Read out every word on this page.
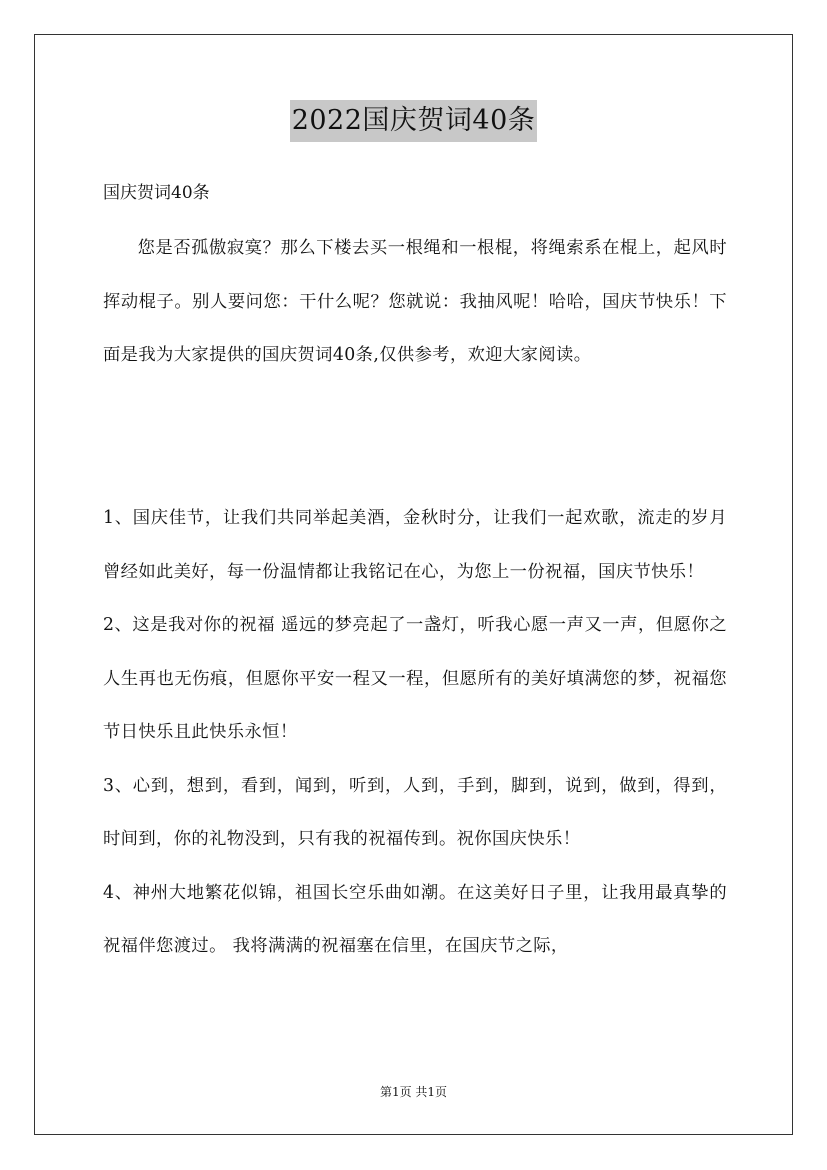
2022国庆贺词40条
国庆贺词40条
您是否孤傲寂寞？那么下楼去买一根绳和一根棍，将绳索系在棍上，起风时挥动棍子。别人要问您：干什么呢？您就说：我抽风呢！哈哈，国庆节快乐！下面是我为大家提供的国庆贺词40条,仅供参考，欢迎大家阅读。

1、国庆佳节，让我们共同举起美酒，金秋时分，让我们一起欢歌，流走的岁月曾经如此美好，每一份温情都让我铭记在心，为您上一份祝福，国庆节快乐！

2、这是我对你的祝福 遥远的梦亮起了一盏灯，听我心愿一声又一声，但愿你之人生再也无伤痕，但愿你平安一程又一程，但愿所有的美好填满您的梦，祝福您节日快乐且此快乐永恒！

3、心到，想到，看到，闻到，听到，人到，手到，脚到，说到，做到，得到，时间到，你的礼物没到，只有我的祝福传到。祝你国庆快乐！

4、神州大地繁花似锦，祖国长空乐曲如潮。在这美好日子里，让我用最真挚的祝福伴您渡过。 我将满满的祝福塞在信里，在国庆节之际，

第1页 共1页
